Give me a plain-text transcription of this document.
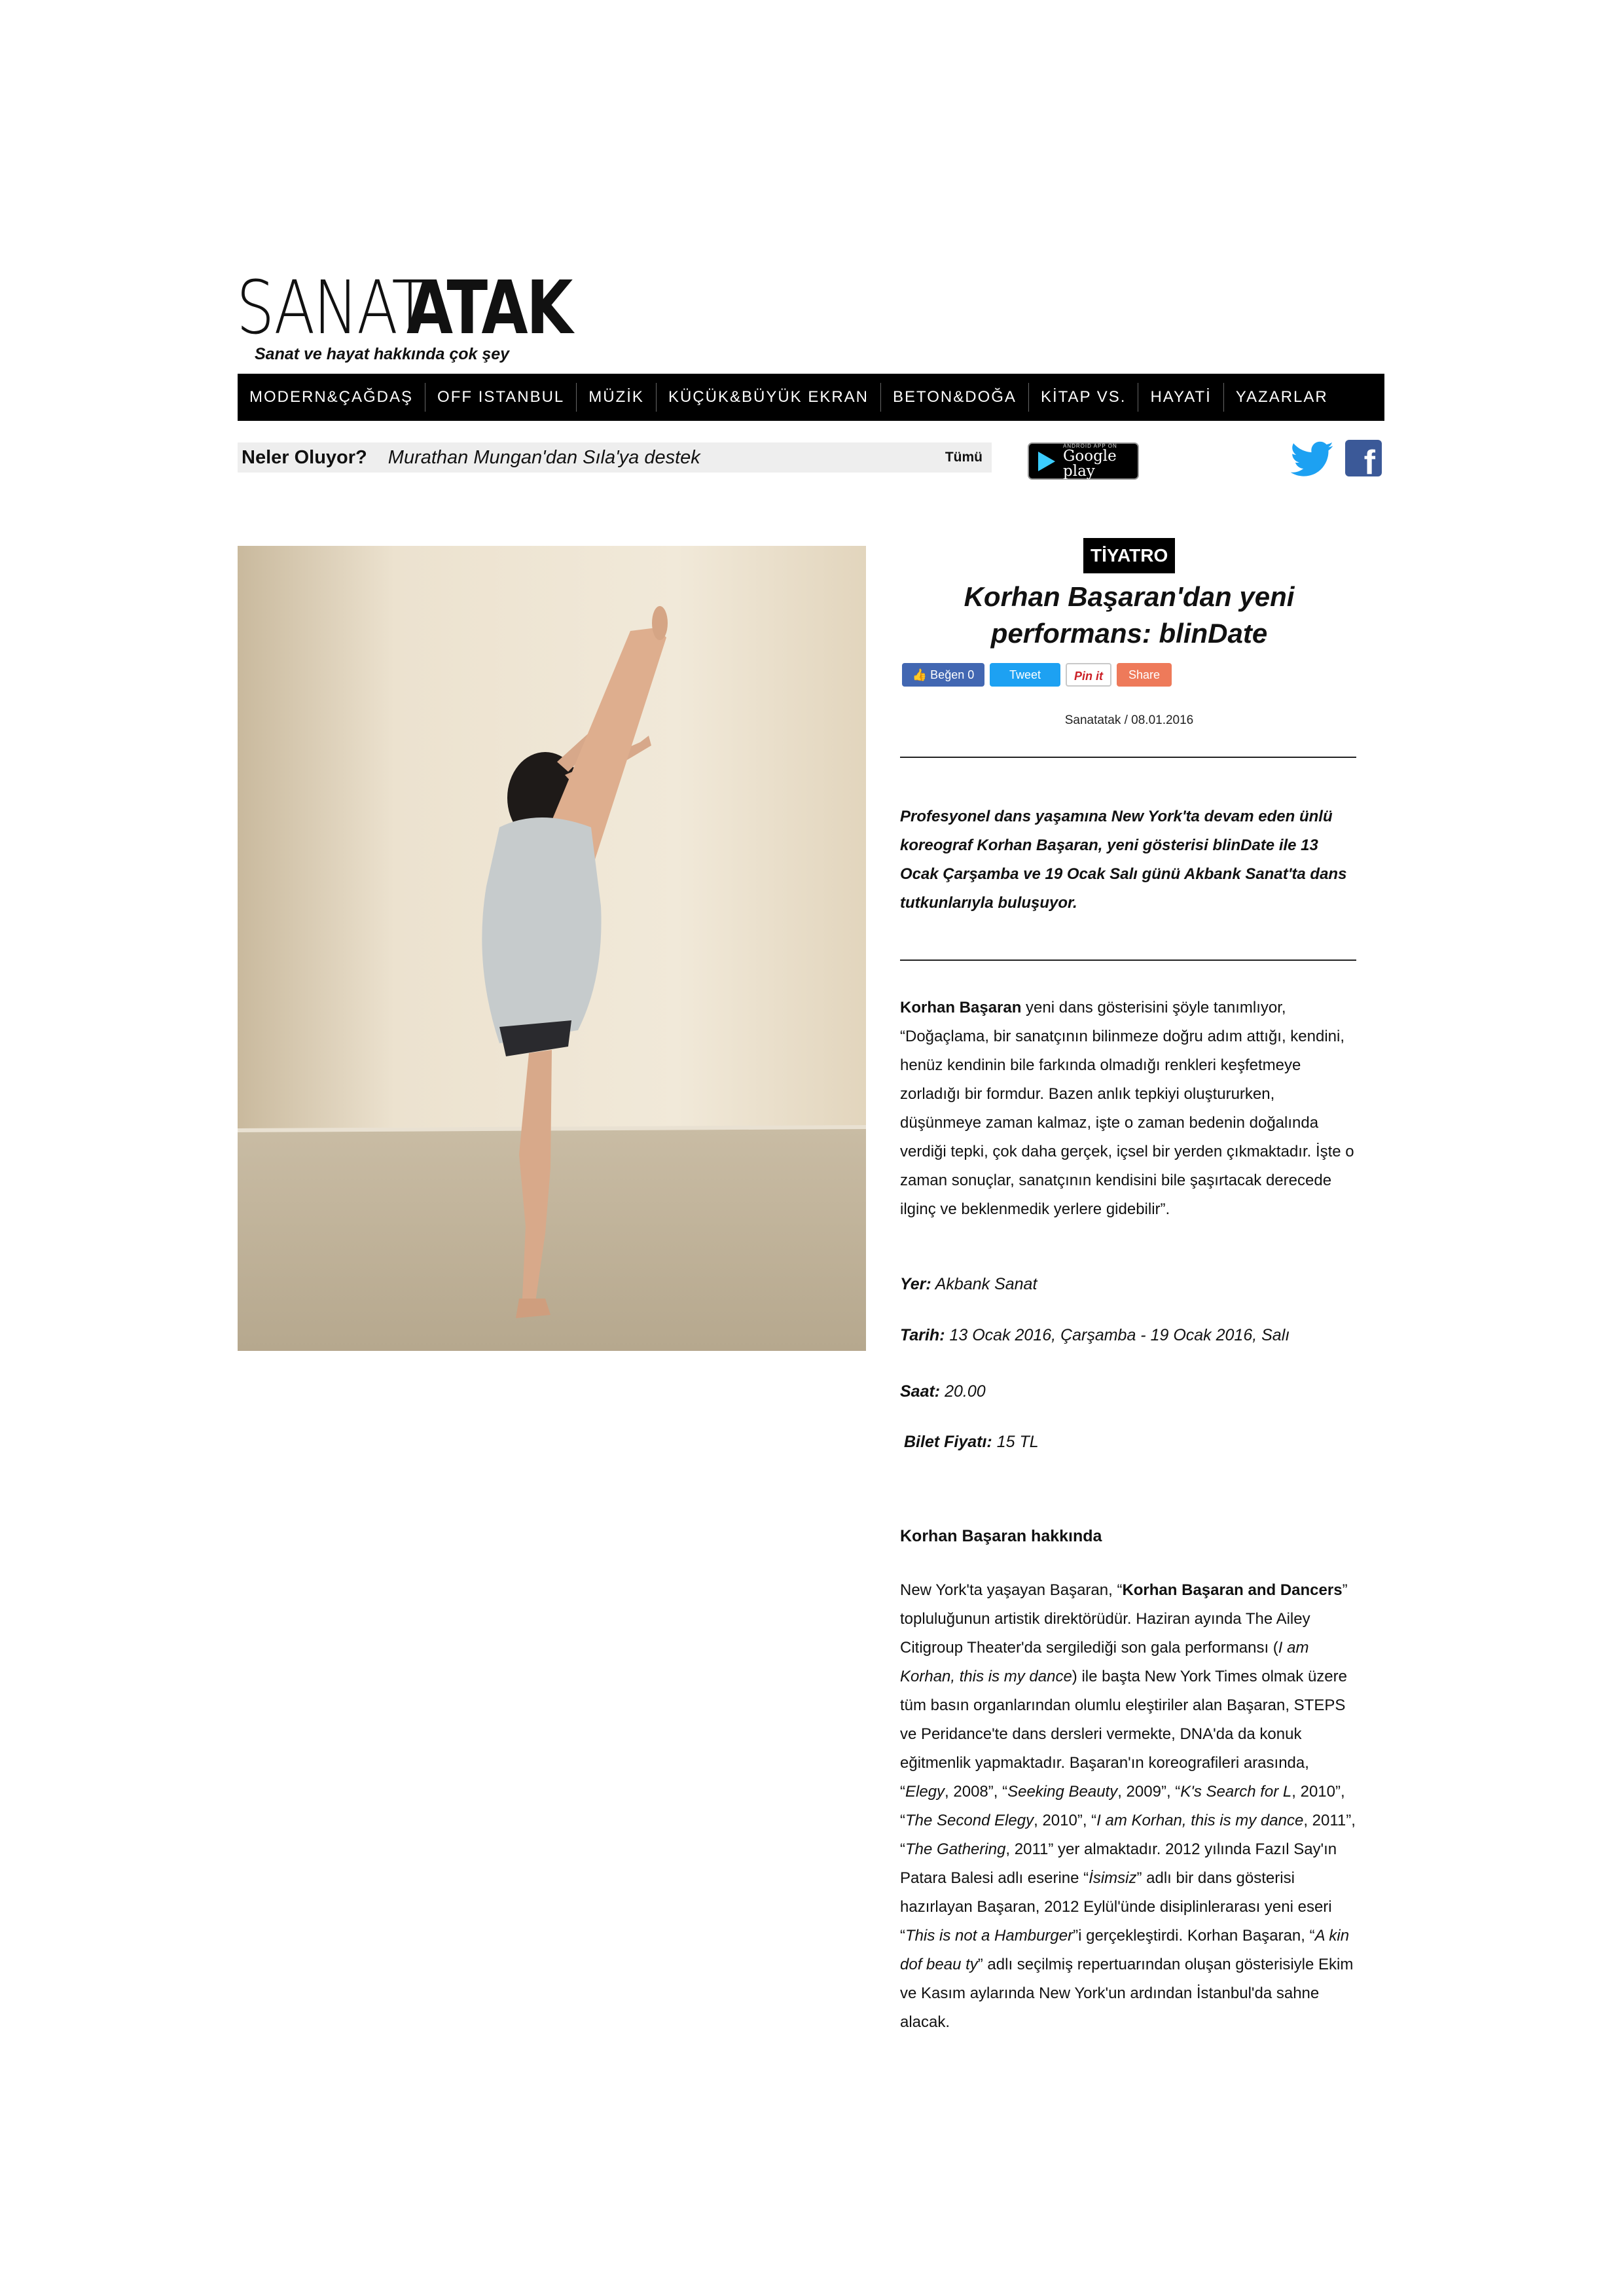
SANATATAK
Sanat ve hayat hakkında çok şey
MODERN&ÇAĞDAŞ	OFF ISTANBUL	MÜZİK	KÜÇÜK&BÜYÜK EKRAN	BETON&DOĞA	KİTAP VS.	HAYATİ	YAZARLAR
Neler Oluyor? Murathan Mungan'dan Sıla'ya destek	Tümü
ANDROID APP ON
Google play	f
TİYATRO
Korhan Başaran'dan yeni
performans: blinDate
👍 Beğen 0	Tweet	Pin it	Share
Sanatatak / 08.01.2016
Profesyonel dans yaşamına New York'ta devam eden ünlü koreograf Korhan Başaran, yeni gösterisi blinDate ile 13 Ocak Çarşamba ve 19 Ocak Salı günü Akbank Sanat'ta dans tutkunlarıyla buluşuyor.

Korhan Başaran yeni dans gösterisini şöyle tanımlıyor, “Doğaçlama, bir sanatçının bilinmeze doğru adım attığı, kendini, henüz kendinin bile farkında olmadığı renkleri keşfetmeye zorladığı bir formdur. Bazen anlık tepkiyi oluştururken, düşünmeye zaman kalmaz, işte o zaman bedenin doğalında verdiği tepki, çok daha gerçek, içsel bir yerden çıkmaktadır. İşte o zaman sonuçlar, sanatçının kendisini bile şaşırtacak derecede ilginç ve beklenmedik yerlere gidebilir”.

Yer: Akbank Sanat
Tarih: 13 Ocak 2016, Çarşamba - 19 Ocak 2016, Salı
Saat: 20.00
Bilet Fiyatı: 15 TL
Korhan Başaran hakkında

New York'ta yaşayan Başaran, “Korhan Başaran and Dancers” topluluğunun artistik direktörüdür. Haziran ayında The Ailey Citigroup Theater'da sergilediği son gala performansı (I am Korhan, this is my dance) ile başta New York Times olmak üzere tüm basın organlarından olumlu eleştiriler alan Başaran, STEPS ve Peridance'te dans dersleri vermekte, DNA'da da konuk eğitmenlik yapmaktadır. Başaran'ın koreografileri arasında, “Elegy, 2008”, “Seeking Beauty, 2009”, “K's Search for L, 2010”, “The Second Elegy, 2010”, “I am Korhan, this is my dance, 2011”, “The Gathering, 2011” yer almaktadır. 2012 yılında Fazıl Say'ın Patara Balesi adlı eserine “İsimsiz” adlı bir dans gösterisi hazırlayan Başaran, 2012 Eylül'ünde disiplinlerarası yeni eseri “This is not a Hamburger”i gerçekleştirdi. Korhan Başaran, “A kin dof beau ty” adlı seçilmiş repertuarından oluşan gösterisiyle Ekim ve Kasım aylarında New York'un ardından İstanbul'da sahne alacak.
